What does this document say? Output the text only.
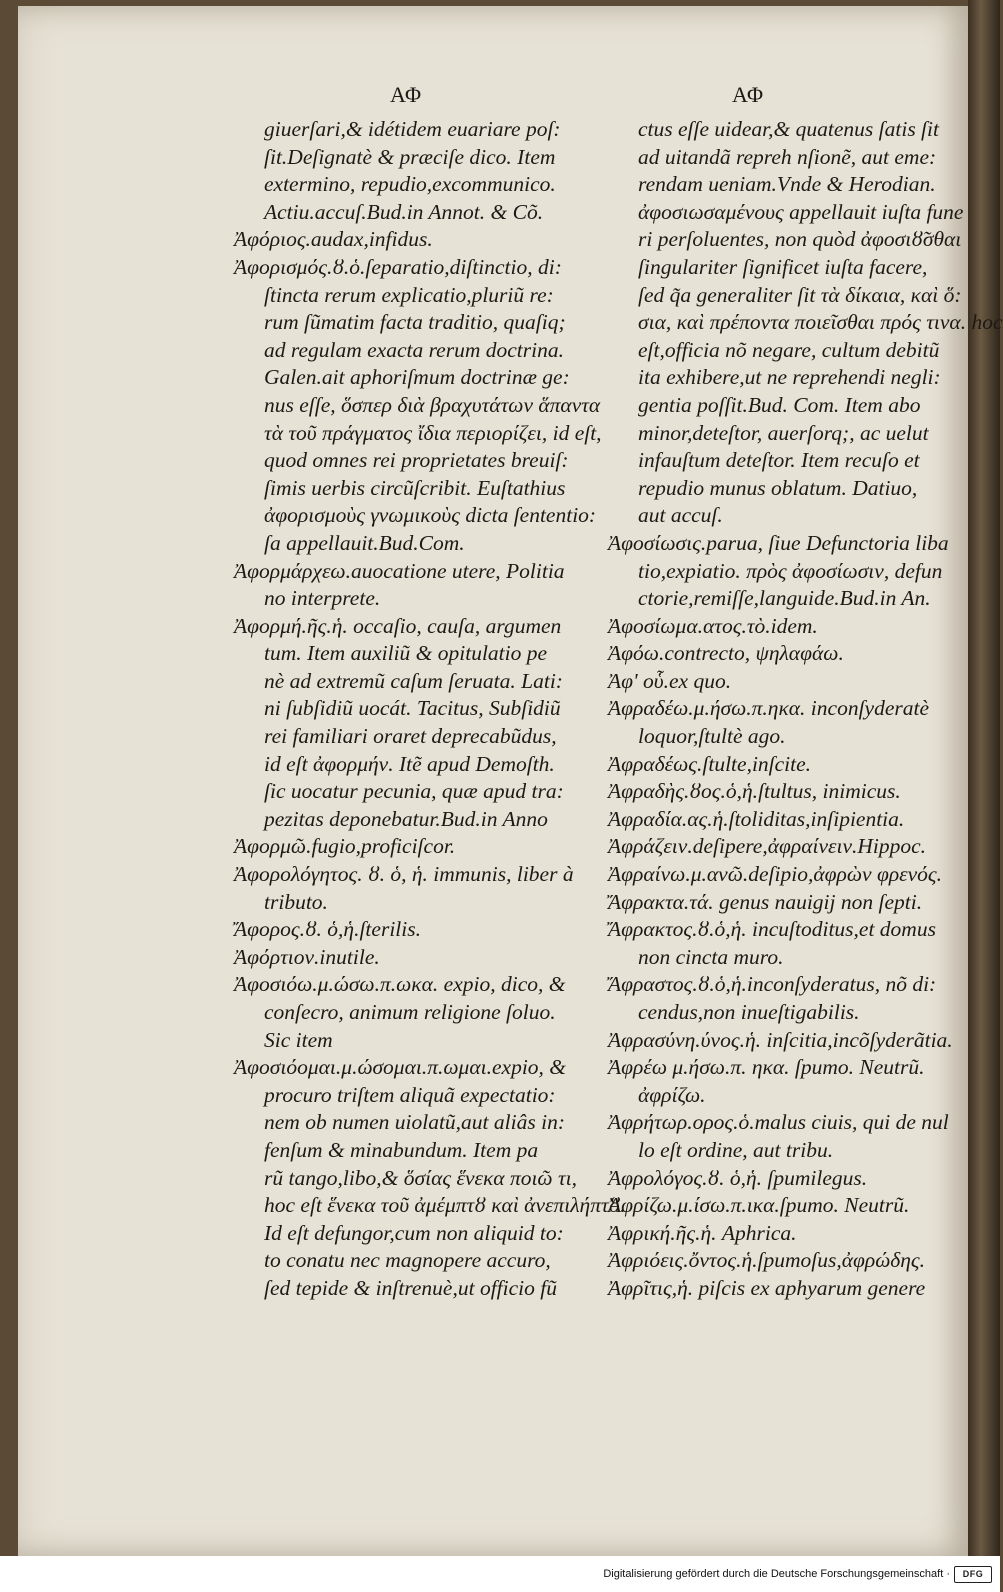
ΑΦ	ΑΦ
giuerſari,& idétidem euariare poſ:
ſit.Deſignatè & præciſe dico. Item
extermino, repudio,excommunico.
Actiu.accuſ.Bud.in Annot. & Cõ.
Ἀφόριος.audax,infidus.
Ἀφορισμός.ȣ.ὁ.ſeparatio,diſtinctio, di:
ſtincta rerum explicatio,pluriũ re:
rum ſũmatim facta traditio, quaſiq;
ad regulam exacta rerum doctrina.
Galen.ait aphoriſmum doctrinæ ge:
nus eſſe, ὅσπερ διὰ βραχυτάτων ἅπαντα
τὰ τοῦ πράγματος ἴδια περιορίζει, id eſt,
quod omnes rei proprietates breuiſ:
ſimis uerbis circũſcribit. Euſtathius
ἀφορισμοὺς γνωμικοὺς dicta ſententio:
ſa appellauit.Bud.Com.
Ἀφορμάρχεω.auocatione utere, Politia
no interprete.
Ἀφορμή.ῆς.ἡ. occaſio, cauſa, argumen
tum. Item auxiliũ & opitulatio pe
nè ad extremũ caſum ſeruata. Lati:
ni ſubſidiũ uocát. Tacitus, Subſidiũ
rei familiari oraret deprecabũdus,
id eſt ἀφορμήν. Itẽ apud Demoſth.
ſic uocatur pecunia, quæ apud tra:
pezitas deponebatur.Bud.in Anno
Ἀφορμῶ.fugio,proficiſcor.
Ἀφορολόγητος. ȣ. ὁ, ἡ. immunis, liber à
tributo.
Ἄφορος.ȣ. ὁ,ἡ.ſterilis.
Ἀφόρτιον.inutile.
Ἀφοσιόω.μ.ώσω.π.ωκα. expio, dico, &
conſecro, animum religione ſoluo.
Sic item
Ἀφοσιόομαι.μ.ώσομαι.π.ωμαι.expio, &
procuro triſtem aliquã expectatio:
nem ob numen uiolatũ,aut aliâs in:
fenſum & minabundum. Item pa
rũ tango,libo,& ὅσίας ἕνεκα ποιῶ τι,
hoc eſt ἕνεκα τοῦ ἀμέμπτȣ καὶ ἀνεπιλήπτȣ.
Id eſt defungor,cum non aliquid to:
to conatu nec magnopere accuro,
ſed tepide & inſtrenuè,ut officio fũ
ctus eſſe uidear,& quatenus ſatis ſit
ad uitandã repreh nſionẽ, aut eme:
rendam ueniam.Vnde & Herodian.
ἀφοσιωσαμένους appellauit iuſta fune
ri perſoluentes, non quòd ἀφοσιȣ̃σθαι
ſingulariter ſignificet iuſta facere,
ſed q̃a generaliter ſit τὰ δίκαια, καὶ ὅ:
σια, καὶ πρέποντα ποιεῖσθαι πρός τινα. hoc
eſt,officia nõ negare, cultum debitũ
ita exhibere,ut ne reprehendi negli:
gentia poſſit.Bud. Com. Item abo
minor,deteſtor, auerſorq;, ac uelut
infauſtum deteſtor. Item recuſo et
repudio munus oblatum. Datiuo,
aut accuſ.
Ἀφοσίωσις.parua, ſiue Defunctoria liba
tio,expiatio. πρὸς ἀφοσίωσιν, defun
ctorie,remiſſe,languide.Bud.in An.
Ἀφοσίωμα.ατος.τὸ.idem.
Ἀφόω.contrecto, ψηλαφάω.
Ἀφ' οὗ.ex quo.
Ἀφραδέω.μ.ήσω.π.ηκα. inconſyderatè
loquor,ſtultè ago.
Ἀφραδέως.ſtulte,inſcite.
Ἀφραδὴς.ȣος.ὁ,ἡ.ſtultus, inimicus.
Ἀφραδία.ας.ἡ.ſtoliditas,inſipientia.
Ἀφράζειν.deſipere,ἀφραίνειν.Hippoc.
Ἀφραίνω.μ.ανῶ.deſipio,ἀφρὼν φρενός.
Ἄφρακτα.τά. genus nauigij non ſepti.
Ἄφρακτος.ȣ.ὁ,ἡ. incuſtoditus,et domus
non cincta muro.
Ἄφραστος.ȣ.ὁ,ἡ.inconſyderatus, nõ di:
cendus,non inueſtigabilis.
Ἀφρασύνη.ύνος.ἡ. inſcitia,incõſyderãtia.
Ἀφρέω μ.ήσω.π. ηκα. ſpumo. Neutrũ.
ἀφρίζω.
Ἀφρήτωρ.ορος.ὁ.malus ciuis, qui de nul
lo eſt ordine, aut tribu.
Ἀφρολόγος.ȣ. ὁ,ἡ. ſpumilegus.
Ἀφρίζω.μ.ίσω.π.ικα.ſpumo. Neutrũ.
Ἀφρική.ῆς.ἡ. Aphrica.
Ἀφριόεις.ὄντος.ἡ.ſpumoſus,ἀφρώδης.
Ἀφρῖτις,ἡ. piſcis ex aphyarum genere
Digitalisierung gefördert durch die Deutsche Forschungsgemeinschaft ·	DFG
